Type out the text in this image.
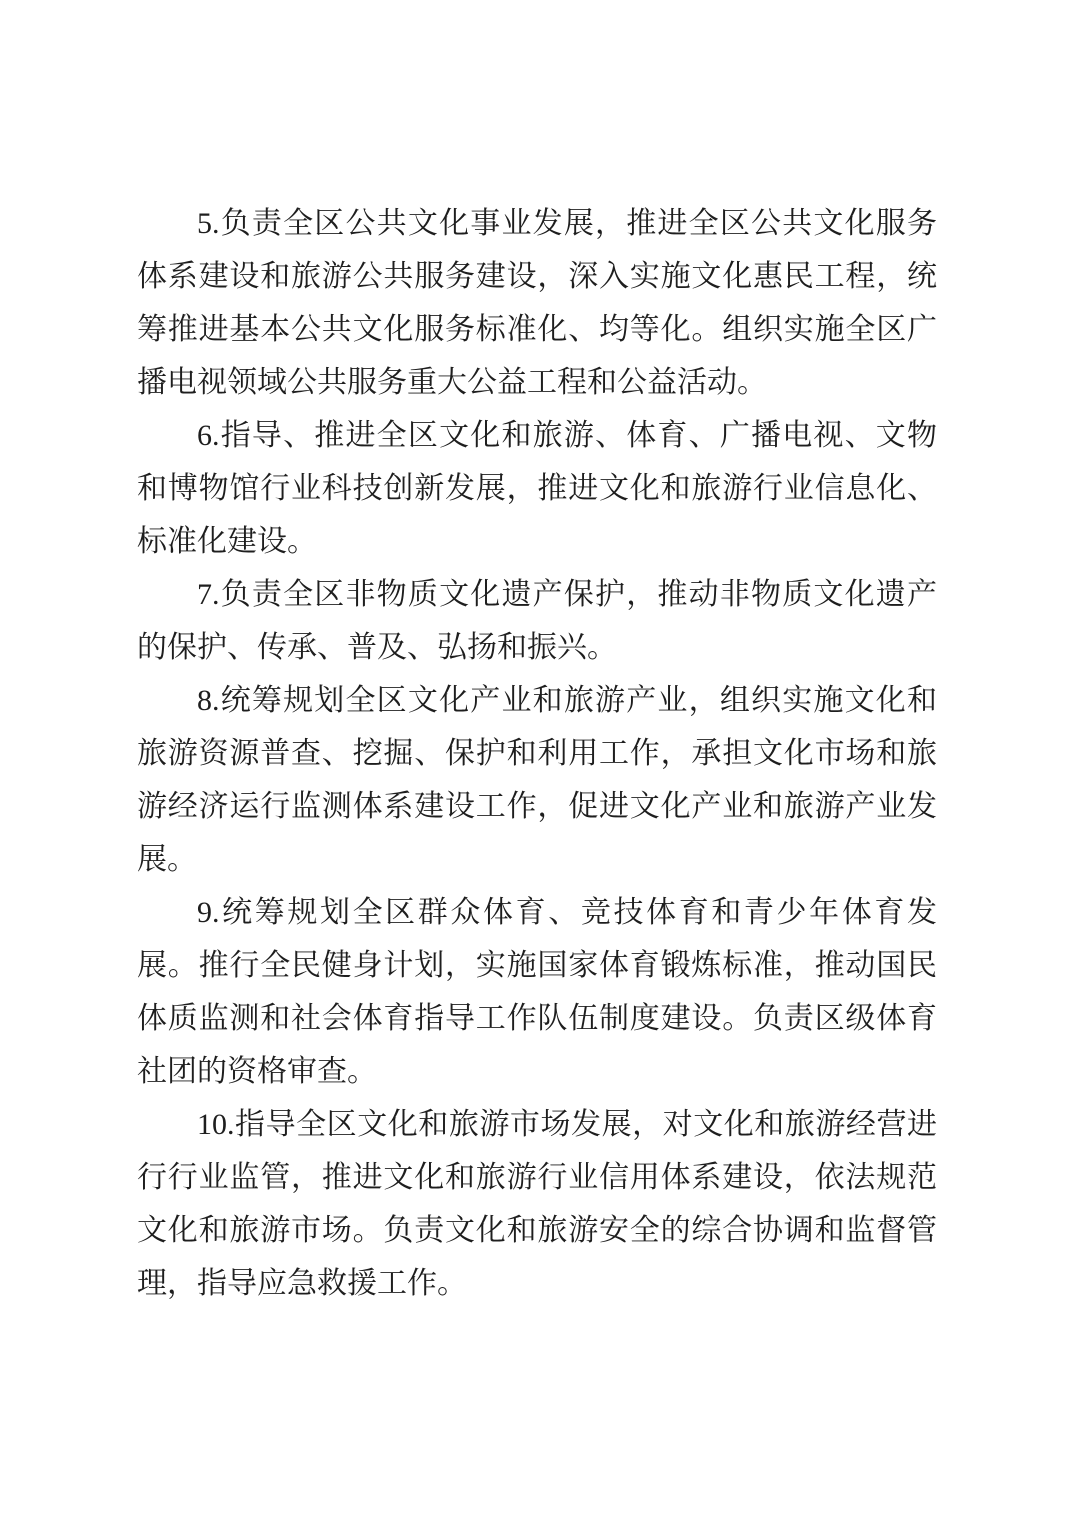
5.负责全区公共文化事业发展，推进全区公共文化服务体系建设和旅游公共服务建设，深入实施文化惠民工程，统筹推进基本公共文化服务标准化、均等化。组织实施全区广播电视领域公共服务重大公益工程和公益活动。

6.指导、推进全区文化和旅游、体育、广播电视、文物和博物馆行业科技创新发展，推进文化和旅游行业信息化、标准化建设。

7.负责全区非物质文化遗产保护，推动非物质文化遗产的保护、传承、普及、弘扬和振兴。

8.统筹规划全区文化产业和旅游产业，组织实施文化和旅游资源普查、挖掘、保护和利用工作，承担文化市场和旅游经济运行监测体系建设工作，促进文化产业和旅游产业发展。

9.统筹规划全区群众体育、竞技体育和青少年体育发展。推行全民健身计划，实施国家体育锻炼标准，推动国民体质监测和社会体育指导工作队伍制度建设。负责区级体育社团的资格审查。

10.指导全区文化和旅游市场发展，对文化和旅游经营进行行业监管，推进文化和旅游行业信用体系建设，依法规范文化和旅游市场。负责文化和旅游安全的综合协调和监督管理，指导应急救援工作。
